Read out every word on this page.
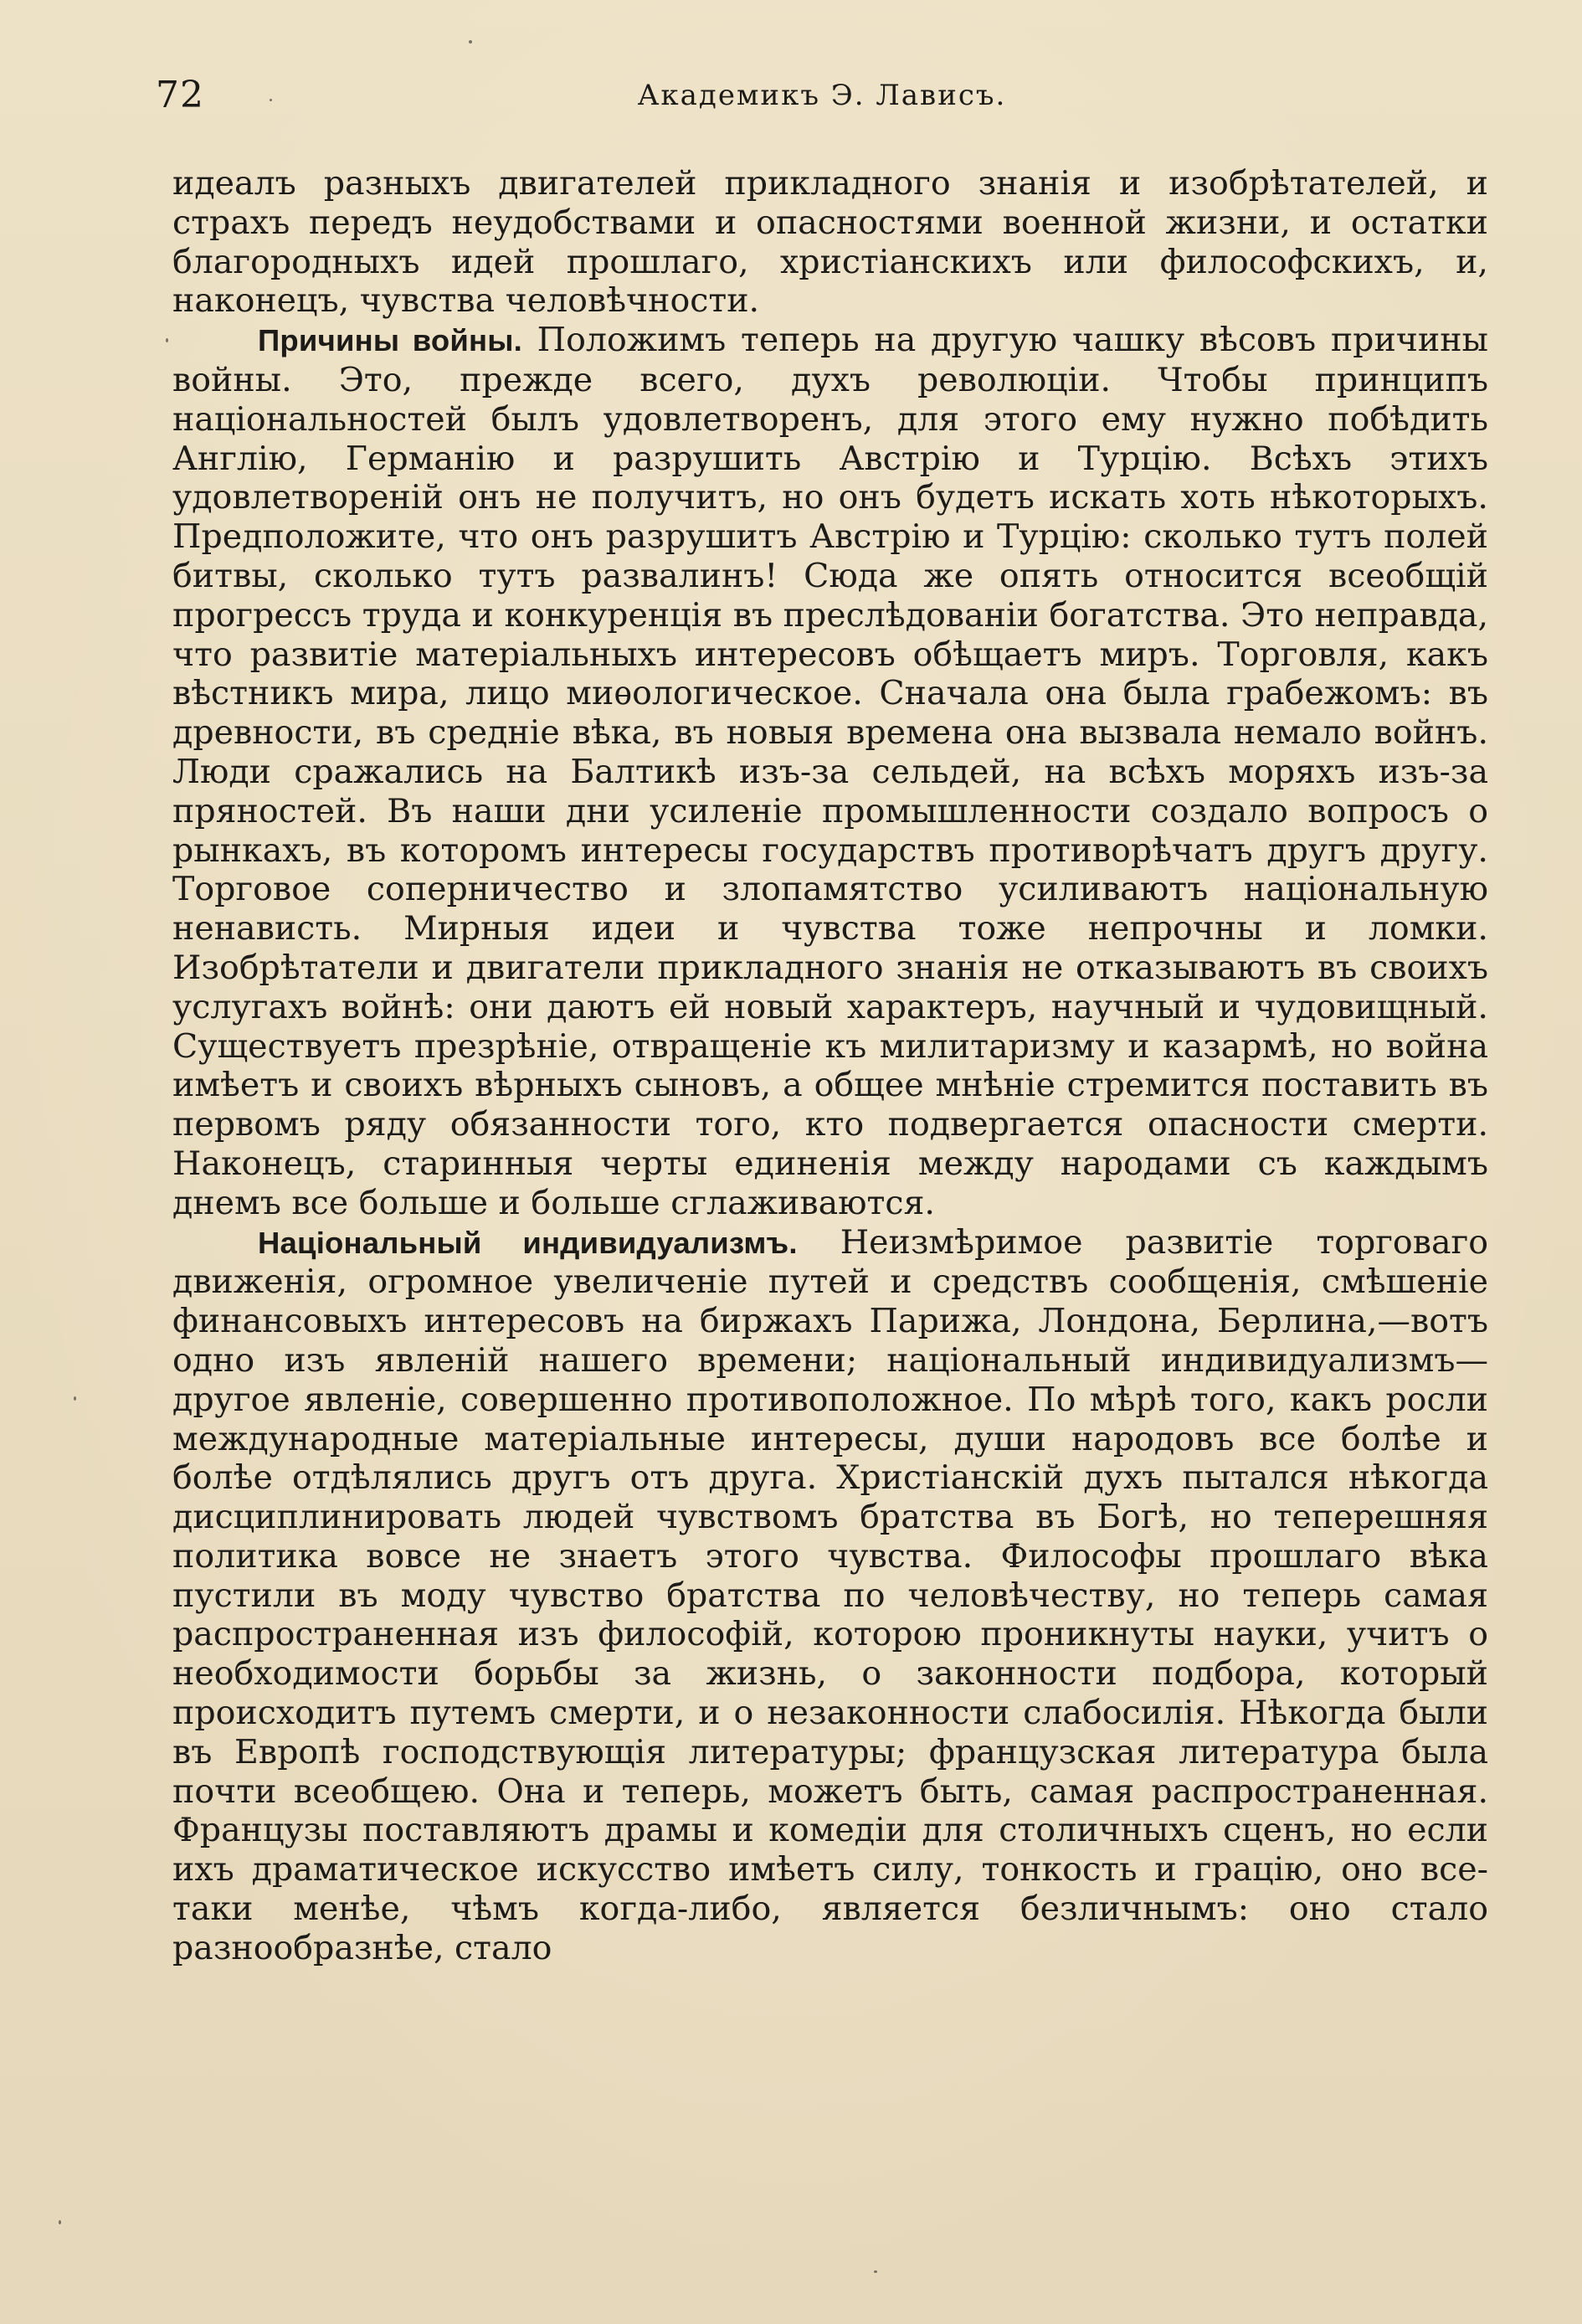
72	Академикъ Э. Лависъ.

идеалъ разныхъ двигателей прикладного знанія и изобрѣтателей, и страхъ передъ неудобствами и опасностями военной жизни, и остатки благородныхъ идей прошлаго, христіанскихъ или философскихъ, и, наконецъ, чувства человѣчности.

Причины войны. Положимъ теперь на другую чашку вѣсовъ причины войны. Это, прежде всего, духъ революціи. Чтобы принципъ національностей былъ удовлетворенъ, для этого ему нужно побѣдить Англію, Германію и разрушить Австрію и Турцію. Всѣхъ этихъ удовлетвореній онъ не получитъ, но онъ будетъ искать хоть нѣкоторыхъ. Предположите, что онъ разрушитъ Австрію и Турцію: сколько тутъ полей битвы, сколько тутъ развалинъ! Сюда же опять относится всеобщій прогрессъ труда и конкуренція въ преслѣдованіи богатства. Это неправда, что развитіе матеріальныхъ интересовъ обѣщаетъ миръ. Торговля, какъ вѣстникъ мира, лицо миѳологическое. Сначала она была грабежомъ: въ древности, въ средніе вѣка, въ новыя времена она вызвала немало войнъ. Люди сражались на Балтикѣ изъ-за сельдей, на всѣхъ моряхъ изъ-за пряностей. Въ наши дни усиленіе промышленности создало вопросъ о рынкахъ, въ которомъ интересы государствъ противорѣчатъ другъ другу. Торговое соперничество и злопамятство усиливаютъ національную ненависть. Мирныя идеи и чувства тоже непрочны и ломки. Изобрѣтатели и двигатели прикладного знанія не отказываютъ въ своихъ услугахъ войнѣ: они даютъ ей новый характеръ, научный и чудовищный. Существуетъ презрѣніе, отвращеніе къ милитаризму и казармѣ, но война имѣетъ и своихъ вѣрныхъ сыновъ, а общее мнѣніе стремится поставить въ первомъ ряду обязанности того, кто подвергается опасности смерти. Наконецъ, старинныя черты единенія между народами съ каждымъ днемъ все больше и больше сглаживаются.

Національный индивидуализмъ. Неизмѣримое развитіе торговаго движенія, огромное увеличеніе путей и средствъ сообщенія, смѣшеніе финансовыхъ интересовъ на биржахъ Парижа, Лондона, Берлина,—вотъ одно изъ явленій нашего времени; національный индивидуализмъ—другое явленіе, совершенно противоположное. По мѣрѣ того, какъ росли международные матеріальные интересы, души народовъ все болѣе и болѣе отдѣлялись другъ отъ друга. Христіанскій духъ пытался нѣкогда дисциплинировать людей чувствомъ братства въ Богѣ, но теперешняя политика вовсе не знаетъ этого чувства. Философы прошлаго вѣка пустили въ моду чувство братства по человѣчеству, но теперь самая распространенная изъ философій, которою проникнуты науки, учитъ о необходимости борьбы за жизнь, о законности подбора, который происходитъ путемъ смерти, и о незаконности слабосилія. Нѣкогда были въ Европѣ господствующія литературы; французская литература была почти всеобщею. Она и теперь, можетъ быть, самая распространенная. Французы поставляютъ драмы и комедіи для столичныхъ сценъ, но если ихъ драматическое искусство имѣетъ силу, тонкость и грацію, оно все-таки менѣе, чѣмъ когда-либо, является безличнымъ: оно стало разнообразнѣе, стало
